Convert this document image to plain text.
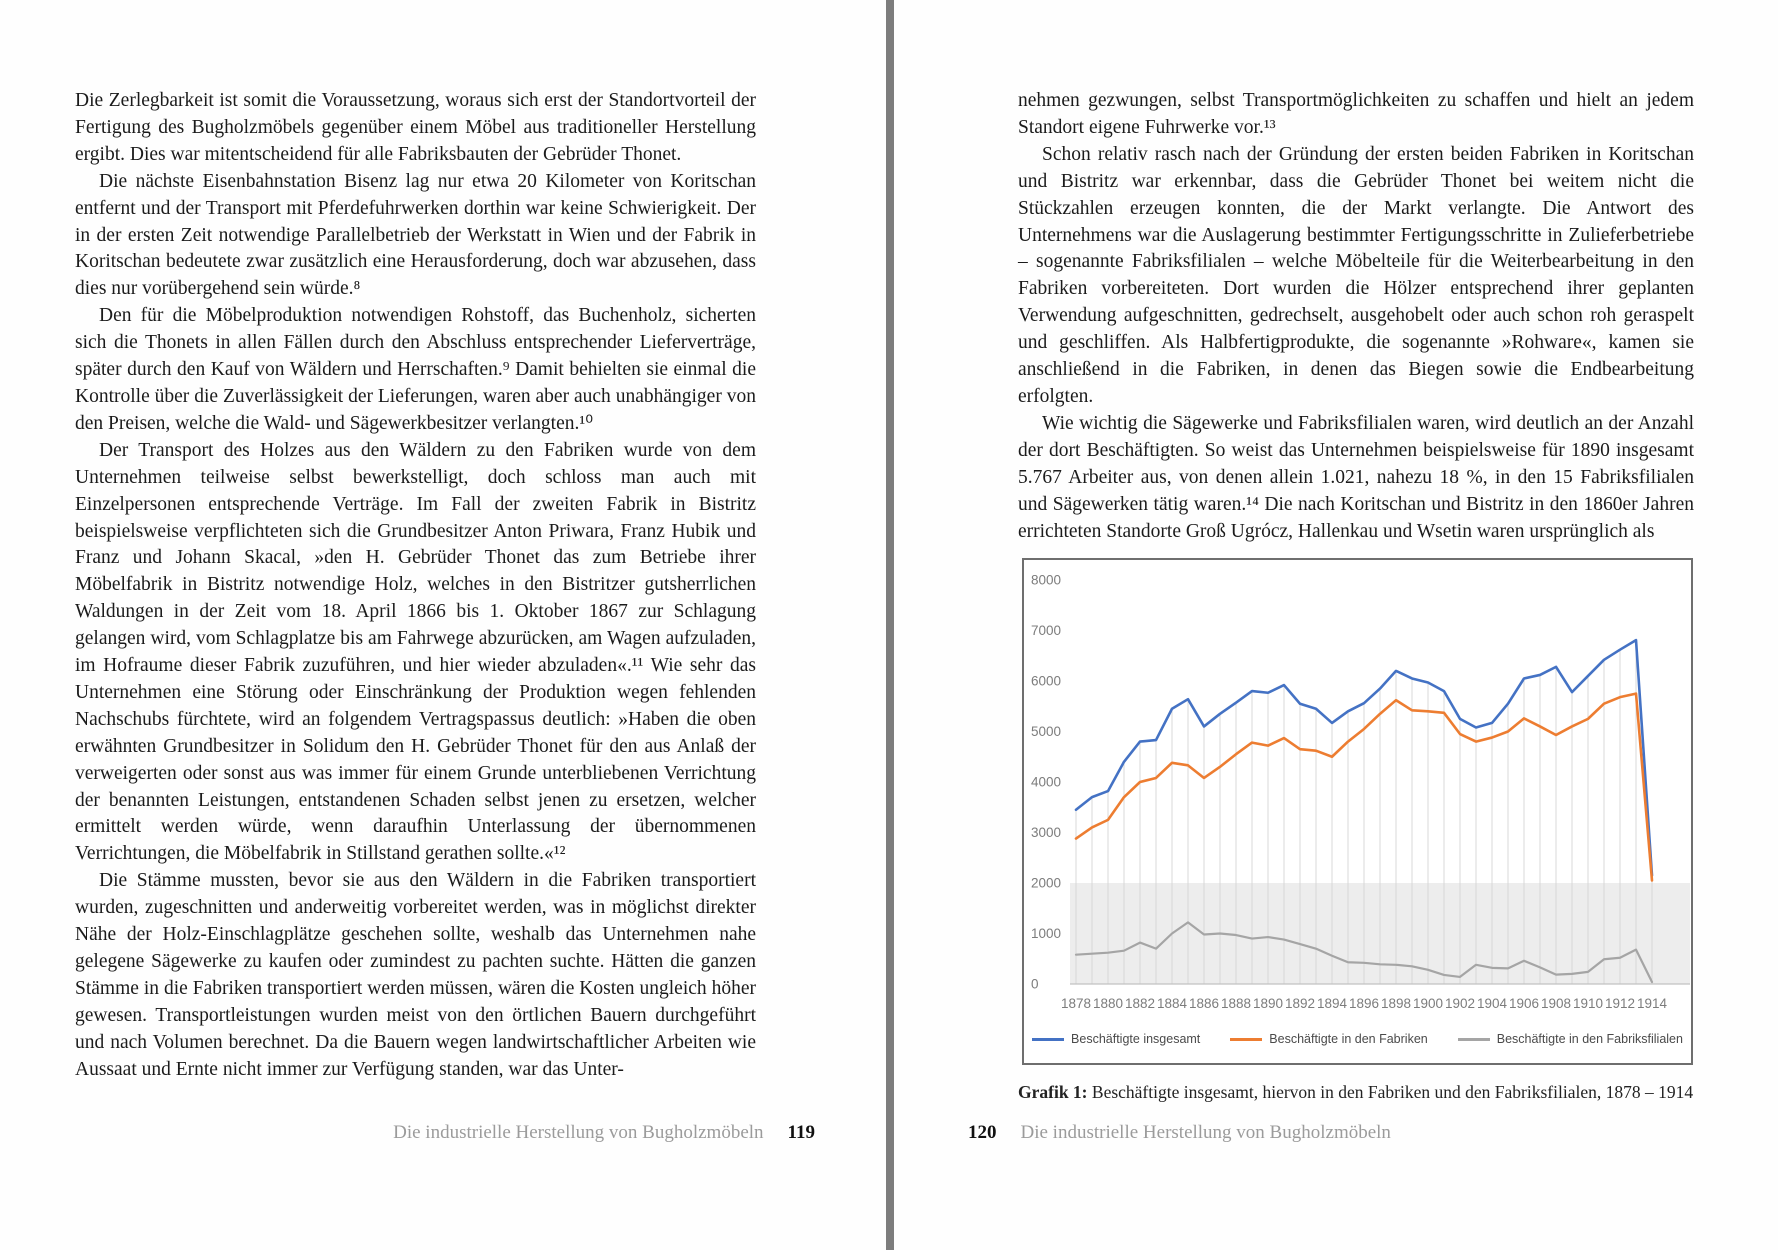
Die Zerlegbarkeit ist somit die Voraussetzung, woraus sich erst der Standortvorteil der Fertigung des Bugholzmöbels gegenüber einem Möbel aus traditioneller Herstellung ergibt. Dies war mitentscheidend für alle Fabriksbauten der Gebrüder Thonet.

Die nächste Eisenbahnstation Bisenz lag nur etwa 20 Kilometer von Koritschan entfernt und der Transport mit Pferdefuhrwerken dorthin war keine Schwierigkeit. Der in der ersten Zeit notwendige Parallelbetrieb der Werkstatt in Wien und der Fabrik in Koritschan bedeutete zwar zusätzlich eine Herausforderung, doch war abzusehen, dass dies nur vorübergehend sein würde.⁸

Den für die Möbelproduktion notwendigen Rohstoff, das Buchenholz, sicherten sich die Thonets in allen Fällen durch den Abschluss entsprechender Lieferverträge, später durch den Kauf von Wäldern und Herrschaften.⁹ Damit behielten sie einmal die Kontrolle über die Zuverlässigkeit der Lieferungen, waren aber auch unabhängiger von den Preisen, welche die Wald- und Sägewerkbesitzer verlangten.¹⁰

Der Transport des Holzes aus den Wäldern zu den Fabriken wurde von dem Unternehmen teilweise selbst bewerkstelligt, doch schloss man auch mit Einzelpersonen entsprechende Verträge. Im Fall der zweiten Fabrik in Bistritz beispielsweise verpflichteten sich die Grundbesitzer Anton Priwara, Franz Hubik und Franz und Johann Skacal, »den H. Gebrüder Thonet das zum Betriebe ihrer Möbelfabrik in Bistritz notwendige Holz, welches in den Bistritzer gutsherrlichen Waldungen in der Zeit vom 18. April 1866 bis 1. Oktober 1867 zur Schlagung gelangen wird, vom Schlagplatze bis am Fahrwege abzurücken, am Wagen aufzuladen, im Hofraume dieser Fabrik zuzuführen, und hier wieder abzuladen«.¹¹ Wie sehr das Unternehmen eine Störung oder Einschränkung der Produktion wegen fehlenden Nachschubs fürchtete, wird an folgendem Vertragspassus deutlich: »Haben die oben erwähnten Grundbesitzer in Solidum den H. Gebrüder Thonet für den aus Anlaß der verweigerten oder sonst aus was immer für einem Grunde unterbliebenen Verrichtung der benannten Leistungen, entstandenen Schaden selbst jenen zu ersetzen, welcher ermittelt werden würde, wenn daraufhin Unterlassung der übernommenen Verrichtungen, die Möbelfabrik in Stillstand gerathen sollte.«¹²

Die Stämme mussten, bevor sie aus den Wäldern in die Fabriken transportiert wurden, zugeschnitten und anderweitig vorbereitet werden, was in möglichst direkter Nähe der Holz-Einschlagplätze geschehen sollte, weshalb das Unternehmen nahe gelegene Sägewerke zu kaufen oder zumindest zu pachten suchte. Hätten die ganzen Stämme in die Fabriken transportiert werden müssen, wären die Kosten ungleich höher gewesen. Transportleistungen wurden meist von den örtlichen Bauern durchgeführt und nach Volumen berechnet. Da die Bauern wegen landwirtschaftlicher Arbeiten wie Aussaat und Ernte nicht immer zur Verfügung standen, war das Unter-

Die industrielle Herstellung von Bugholzmöbeln 119

nehmen gezwungen, selbst Transportmöglichkeiten zu schaffen und hielt an jedem Standort eigene Fuhrwerke vor.¹³

Schon relativ rasch nach der Gründung der ersten beiden Fabriken in Koritschan und Bistritz war erkennbar, dass die Gebrüder Thonet bei weitem nicht die Stückzahlen erzeugen konnten, die der Markt verlangte. Die Antwort des Unternehmens war die Auslagerung bestimmter Fertigungsschritte in Zulieferbetriebe – sogenannte Fabriksfilialen – welche Möbelteile für die Weiterbearbeitung in den Fabriken vorbereiteten. Dort wurden die Hölzer entsprechend ihrer geplanten Verwendung aufgeschnitten, gedrechselt, ausgehobelt oder auch schon roh geraspelt und geschliffen. Als Halbfertigprodukte, die sogenannte »Rohware«, kamen sie anschließend in die Fabriken, in denen das Biegen sowie die Endbearbeitung erfolgten.

Wie wichtig die Sägewerke und Fabriksfilialen waren, wird deutlich an der Anzahl der dort Beschäftigten. So weist das Unternehmen beispielsweise für 1890 insgesamt 5.767 Arbeiter aus, von denen allein 1.021, nahezu 18 %, in den 15 Fabriksfilialen und Sägewerken tätig waren.¹⁴ Die nach Koritschan und Bistritz in den 1860er Jahren errichteten Standorte Groß Ugrócz, Hallenkau und Wsetin waren ursprünglich als

0
1000
2000
3000
4000
5000
6000
7000
8000
1878 1880 1882 1884 1886 1888 1890 1892 1894 1896 1898 1900 1902 1904 1906 1908 1910 1912 1914
Beschäftigte insgesamt	Beschäftigte in den Fabriken	Beschäftigte in den Fabriksfilialen
Grafik 1: Beschäftigte insgesamt, hiervon in den Fabriken und den Fabriksfilialen, 1878 – 1914
120 Die industrielle Herstellung von Bugholzmöbeln
